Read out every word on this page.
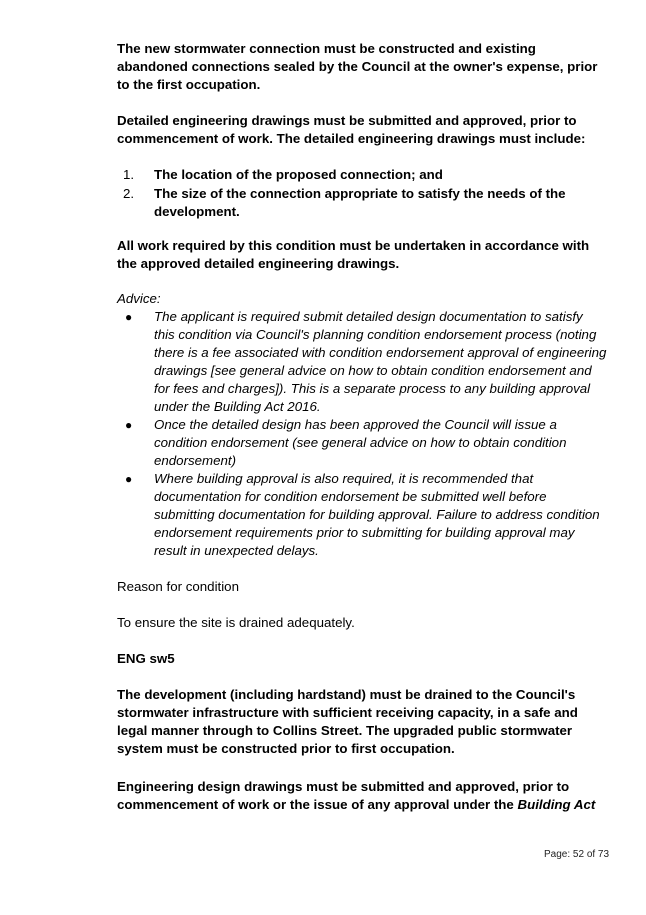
The new stormwater connection must be constructed and existing abandoned connections sealed by the Council at the owner's expense, prior to the first occupation.

Detailed engineering drawings must be submitted and approved, prior to commencement of work. The detailed engineering drawings must include:

1. The location of the proposed connection; and
2. The size of the connection appropriate to satisfy the needs of the development.

All work required by this condition must be undertaken in accordance with the approved detailed engineering drawings.

Advice:

● The applicant is required submit detailed design documentation to satisfy this condition via Council's planning condition endorsement process (noting there is a fee associated with condition endorsement approval of engineering drawings [see general advice on how to obtain condition endorsement and for fees and charges]). This is a separate process to any building approval under the Building Act 2016.
● Once the detailed design has been approved the Council will issue a condition endorsement (see general advice on how to obtain condition endorsement)
● Where building approval is also required, it is recommended that documentation for condition endorsement be submitted well before submitting documentation for building approval. Failure to address condition endorsement requirements prior to submitting for building approval may result in unexpected delays.

Reason for condition

To ensure the site is drained adequately.

ENG sw5

The development (including hardstand) must be drained to the Council's stormwater infrastructure with sufficient receiving capacity, in a safe and legal manner through to Collins Street. The upgraded public stormwater system must be constructed prior to first occupation.

Engineering design drawings must be submitted and approved, prior to commencement of work or the issue of any approval under the Building Act

Page: 52 of 73
